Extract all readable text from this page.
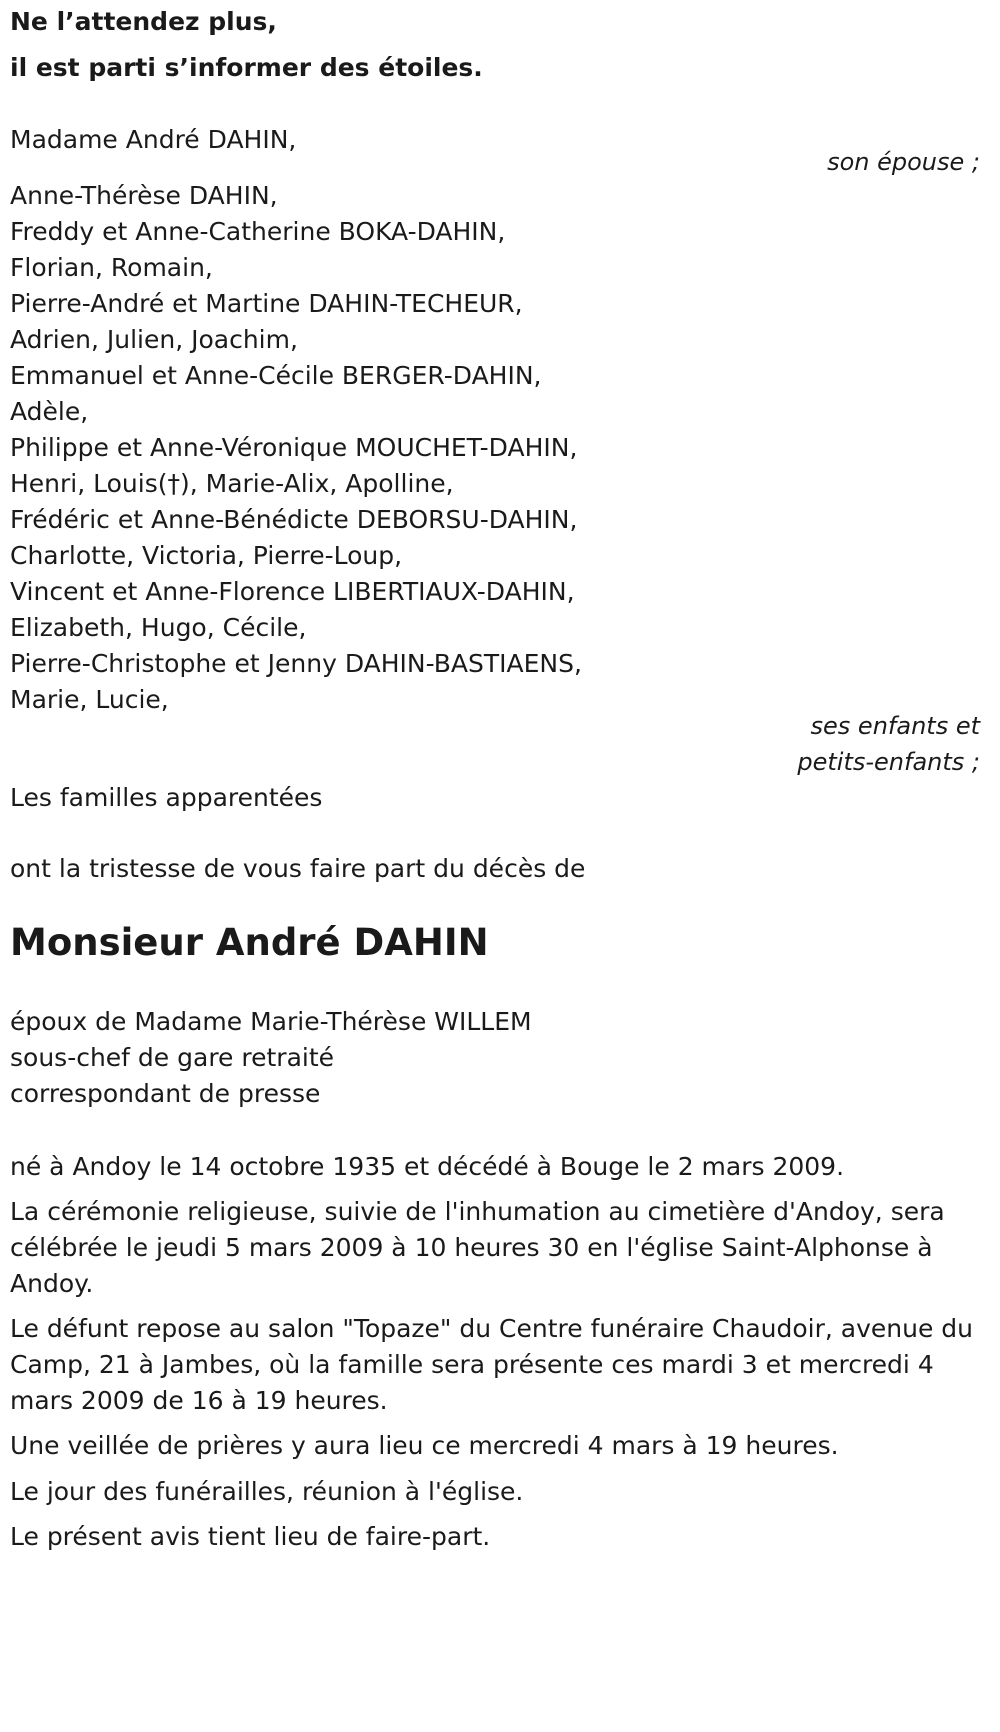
Ne l’attendez plus,
il est parti s’informer des étoiles.
Madame André DAHIN,
son épouse ;
Anne-Thérèse DAHIN,
Freddy et Anne-Catherine BOKA-DAHIN,
Florian, Romain,
Pierre-André et Martine DAHIN-TECHEUR,
Adrien, Julien, Joachim,
Emmanuel et Anne-Cécile BERGER-DAHIN,
Adèle,
Philippe et Anne-Véronique MOUCHET-DAHIN,
Henri, Louis(†), Marie-Alix, Apolline,
Frédéric et Anne-Bénédicte DEBORSU-DAHIN,
Charlotte, Victoria, Pierre-Loup,
Vincent et Anne-Florence LIBERTIAUX-DAHIN,
Elizabeth, Hugo, Cécile,
Pierre-Christophe et Jenny DAHIN-BASTIAENS,
Marie, Lucie,
ses enfants et
petits-enfants ;
Les familles apparentées
ont la tristesse de vous faire part du décès de
Monsieur André DAHIN
époux de Madame Marie-Thérèse WILLEM
sous-chef de gare retraité
correspondant de presse
né à Andoy le 14 octobre 1935 et décédé à Bouge le 2 mars 2009.
La cérémonie religieuse, suivie de l'inhumation au cimetière d'Andoy, sera célébrée le jeudi 5 mars 2009 à 10 heures 30 en l'église Saint-Alphonse à Andoy.
Le défunt repose au salon "Topaze" du Centre funéraire Chaudoir, avenue du Camp, 21 à Jambes, où la famille sera présente ces mardi 3 et mercredi 4 mars 2009 de 16 à 19 heures.
Une veillée de prières y aura lieu ce mercredi 4 mars à 19 heures.
Le jour des funérailles, réunion à l'église.
Le présent avis tient lieu de faire-part.
